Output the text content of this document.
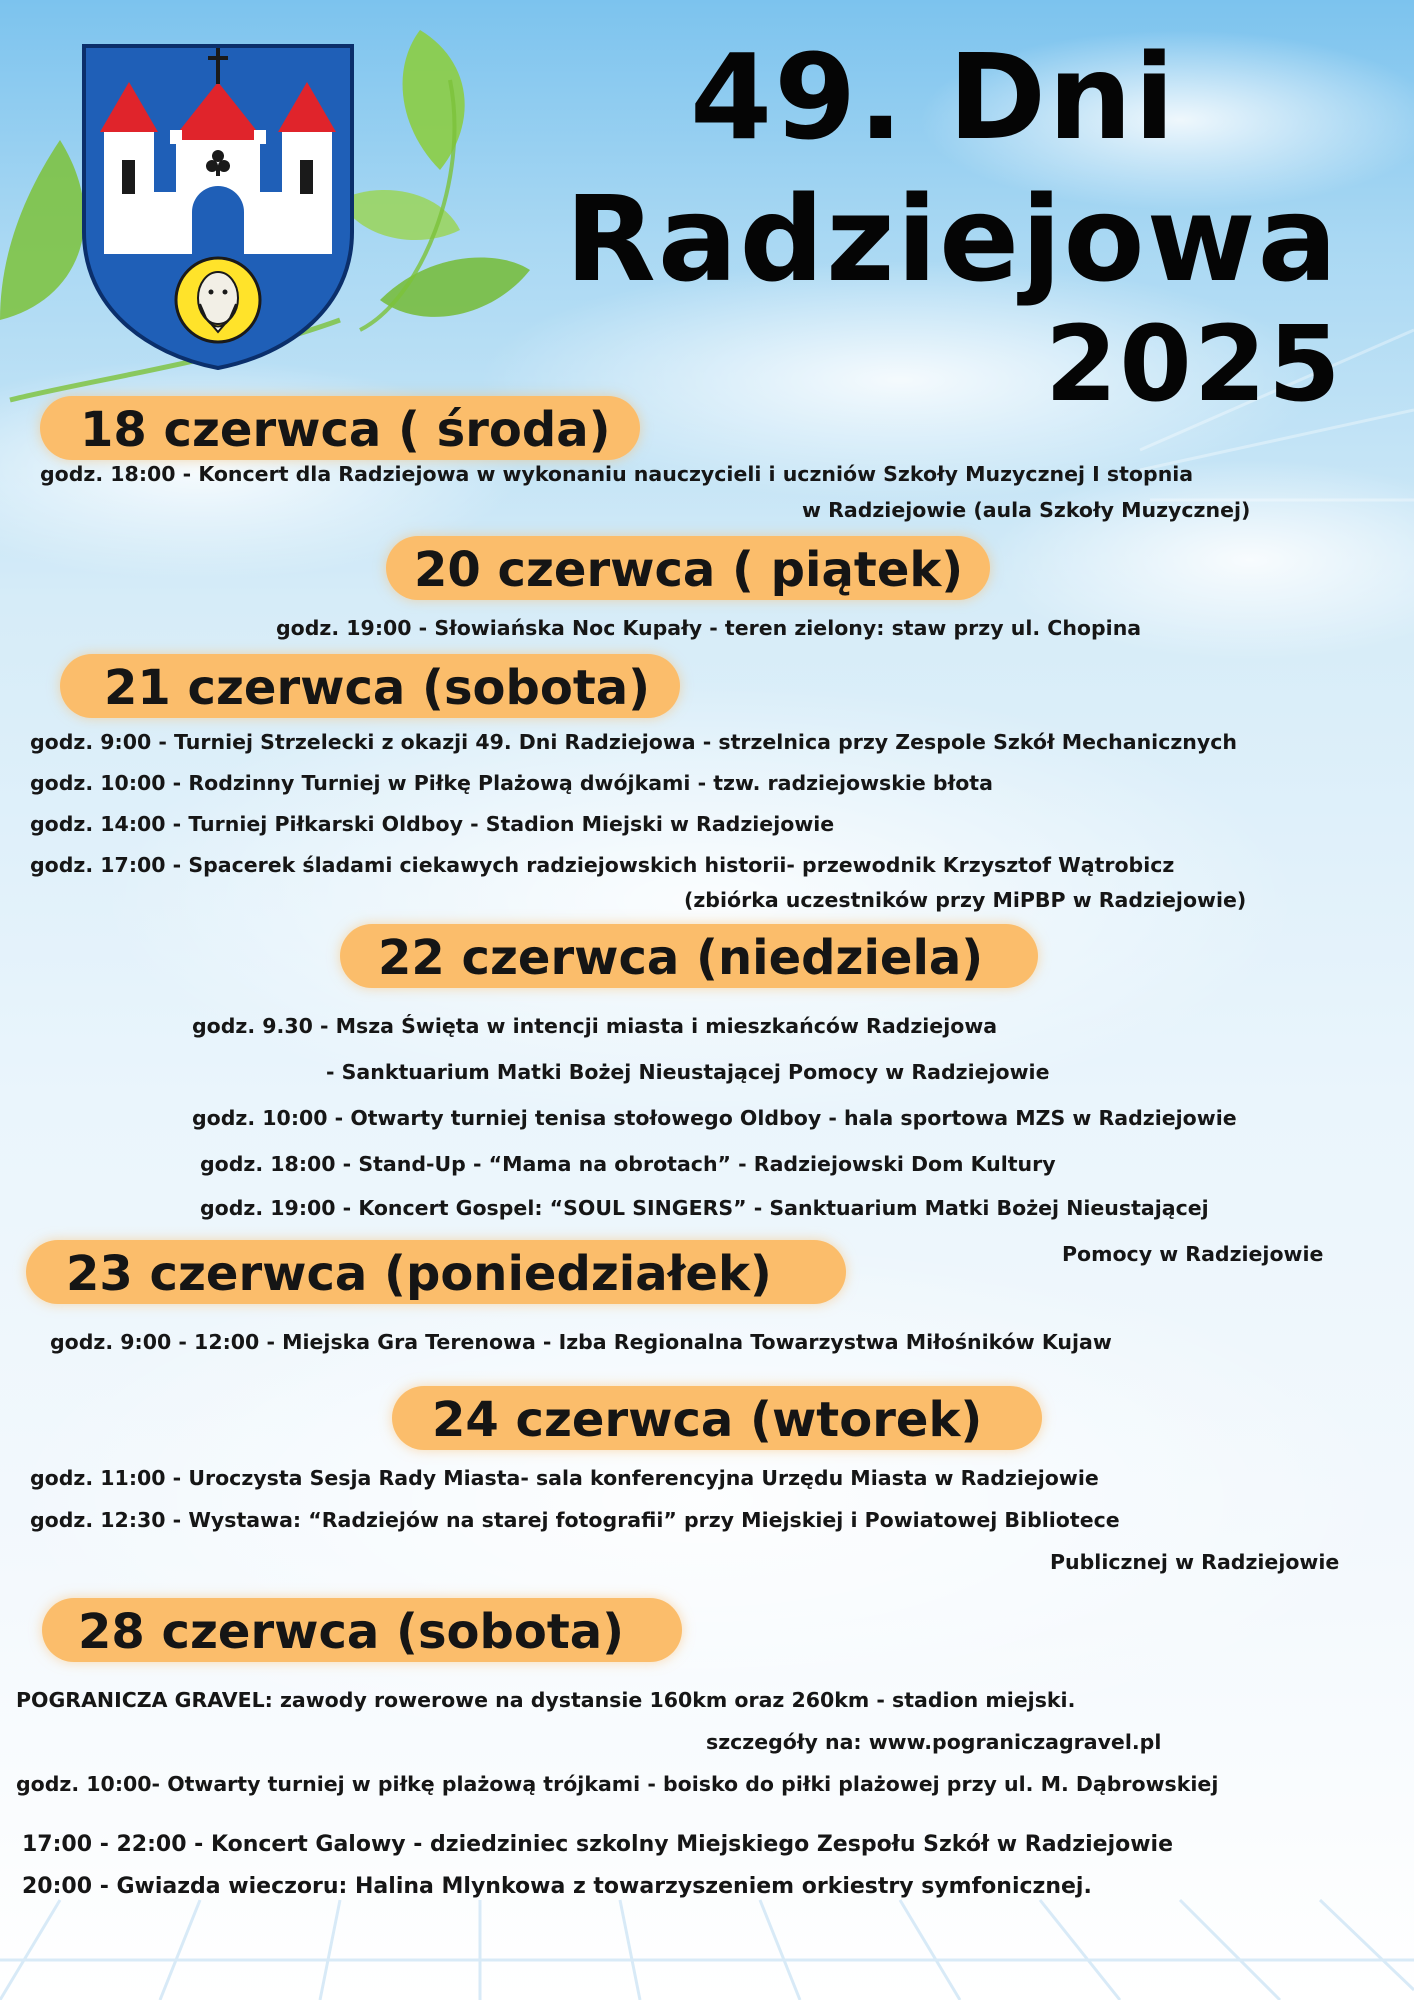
49. Dni
Radziejowa
2025
18 czerwca ( środa)
godz. 18:00 - Koncert dla Radziejowa w wykonaniu nauczycieli i uczniów Szkoły Muzycznej I stopnia
w Radziejowie (aula Szkoły Muzycznej)
20 czerwca ( piątek)
godz. 19:00 - Słowiańska Noc Kupały - teren zielony: staw przy ul. Chopina
21 czerwca (sobota)
godz. 9:00 - Turniej Strzelecki z okazji 49. Dni Radziejowa - strzelnica przy Zespole Szkół Mechanicznych
godz. 10:00 - Rodzinny Turniej w Piłkę Plażową dwójkami - tzw. radziejowskie błota
godz. 14:00 - Turniej Piłkarski Oldboy - Stadion Miejski w Radziejowie
godz. 17:00 - Spacerek śladami ciekawych radziejowskich historii- przewodnik Krzysztof Wątrobicz
(zbiórka uczestników przy MiPBP w Radziejowie)
22 czerwca (niedziela)
godz. 9.30 - Msza Święta w intencji miasta i mieszkańców Radziejowa
- Sanktuarium Matki Bożej Nieustającej Pomocy w Radziejowie
godz. 10:00 - Otwarty turniej tenisa stołowego Oldboy - hala sportowa MZS w Radziejowie
godz. 18:00 - Stand-Up - “Mama na obrotach” - Radziejowski Dom Kultury
godz. 19:00 - Koncert Gospel: “SOUL SINGERS” - Sanktuarium Matki Bożej Nieustającej
Pomocy w Radziejowie
23 czerwca (poniedziałek)
godz. 9:00 - 12:00 - Miejska Gra Terenowa - Izba Regionalna Towarzystwa Miłośników Kujaw
24 czerwca (wtorek)
godz. 11:00 - Uroczysta Sesja Rady Miasta- sala konferencyjna Urzędu Miasta w Radziejowie
godz. 12:30 - Wystawa: “Radziejów na starej fotografii” przy Miejskiej i Powiatowej Bibliotece
Publicznej w Radziejowie
28 czerwca (sobota)
POGRANICZA GRAVEL: zawody rowerowe na dystansie 160km oraz 260km - stadion miejski.
szczegóły na: www.pograniczagravel.pl
godz. 10:00- Otwarty turniej w piłkę plażową trójkami - boisko do piłki plażowej przy ul. M. Dąbrowskiej
17:00 - 22:00 - Koncert Galowy - dziedziniec szkolny Miejskiego Zespołu Szkół w Radziejowie
20:00 - Gwiazda wieczoru: Halina Mlynkowa z towarzyszeniem orkiestry symfonicznej.
